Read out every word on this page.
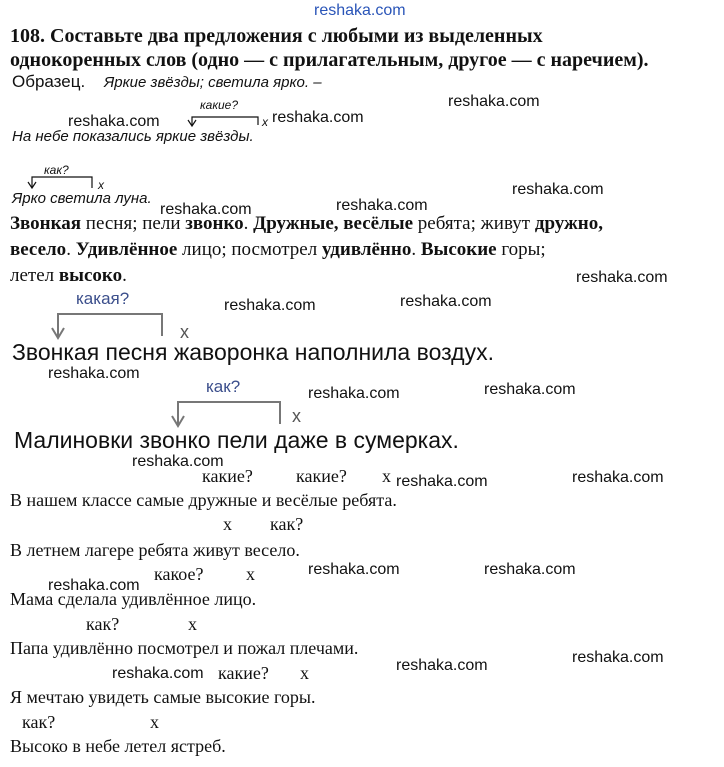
reshaka.com
108. Составьте два предложения с любыми из выделенных
однокоренных слов (одно — с прилагательным, другое — с наречием).
Образец. Яркие звёзды; светила ярко. –
какие?
x
На небе показались яркие звёзды.
как?
x
Ярко светила луна.
Звонкая песня; пели звонко. Дружные, весёлые ребята; живут дружно,
весело. Удивлённое лицо; посмотрел удивлённо. Высокие горы;
летел высоко.
какая?
x
Звонкая песня жаворонка наполнила воздух.
как?
x
Малиновки звонко пели даже в сумерках.
какие? какие? x
В нашем классе самые дружные и весёлые ребята.
x как?
В летнем лагере ребята живут весело.
какое? x
Мама сделала удивлённое лицо.
как?	x
Папа удивлённо посмотрел и пожал плечами.
какие? x
Я мечтаю увидеть самые высокие горы.
как?	x
Высоко в небе летел ястреб.
reshaka.com
reshaka.com
reshaka.com
reshaka.com
reshaka.com
reshaka.com
reshaka.com
reshaka.com
reshaka.com
reshaka.com
reshaka.com
reshaka.com
reshaka.com
reshaka.com
reshaka.com
reshaka.com
reshaka.com
reshaka.com
reshaka.com
reshaka.com
reshaka.com
